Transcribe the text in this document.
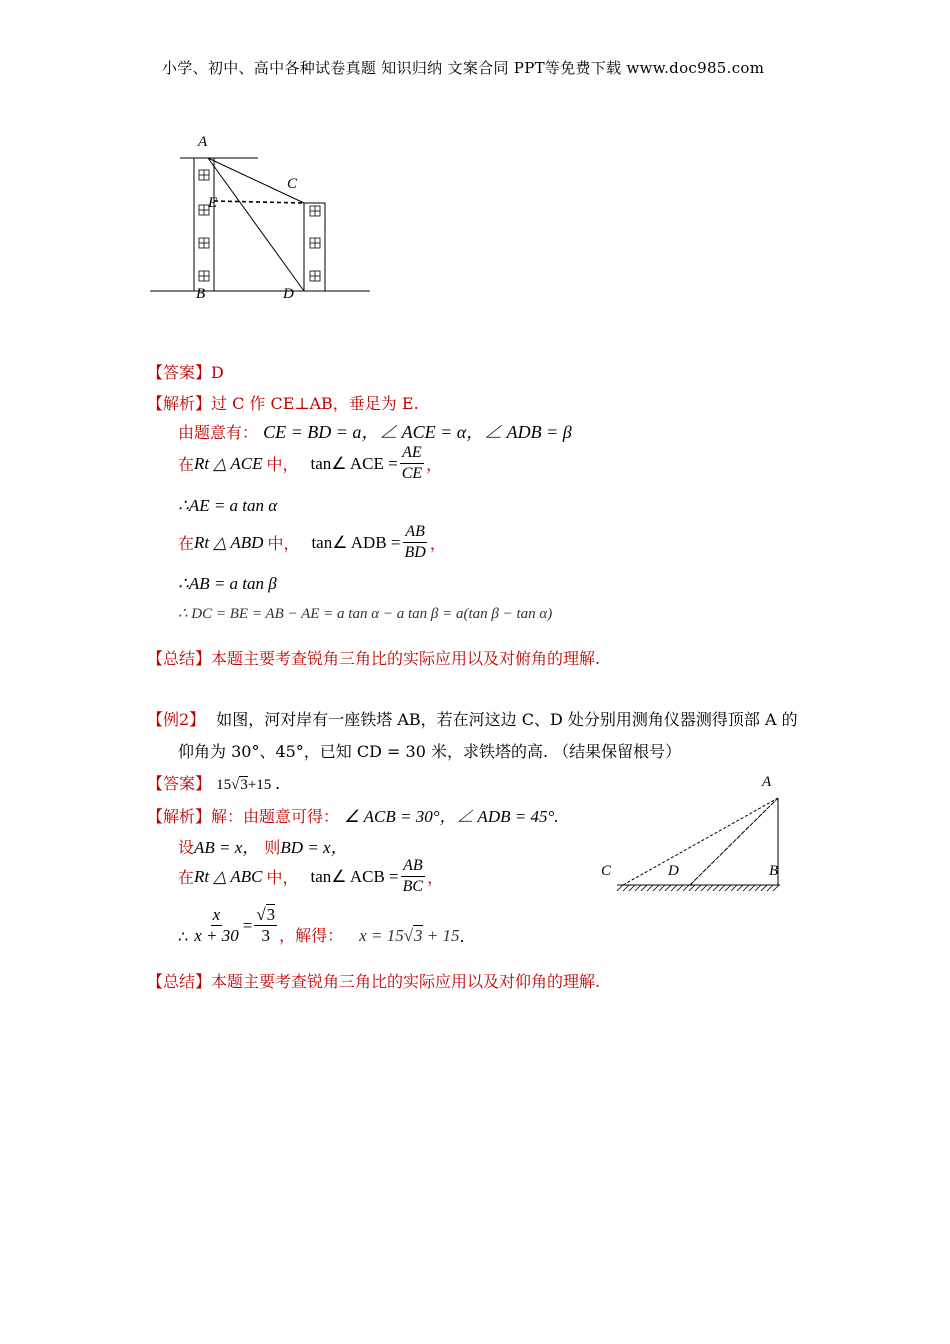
小学、初中、高中各种试卷真题 知识归纳 文案合同 PPT等免费下载 www.doc985.com
A
C
E
B	D
【答案】D
【解析】过 C 作 CE⊥AB，垂足为 E.
由题意有： CE = BD = a，∠ ACE = α，∠ ADB = β
在 Rt △ ACE 中， tan∠ ACE = $\frac{AE}{CE}$ ，
∴AE = a tan α
在 Rt △ ABD 中， tan∠ ADB = $\frac{AB}{BD}$ ，
∴AB = a tan β
∴ DC = BE = AB − AE = a tan α − a tan β = a(tan β − tan α)
【总结】本题主要考查锐角三角比的实际应用以及对俯角的理解.
【例2】 如图，河对岸有一座铁塔 AB，若在河这边 C、D 处分别用测角仪器测得顶部 A 的
仰角为 30°、45°，已知 CD = 30 米，求铁塔的高. （结果保留根号）
【答案】 15√3+15 .
【解析】解：由题意可得： ∠ ACB = 30°，∠ ADB = 45°.
设AB = x， 则BD = x，
在 Rt △ ABC 中， tan∠ ACB = $\frac{AB}{BC}$ ，
∴ $\frac{x}{x + 30} = \frac{√3}{3}$ ，解得： x = 15√3 + 15 .
【总结】本题主要考查锐角三角比的实际应用以及对仰角的理解.
A
C	D	B
